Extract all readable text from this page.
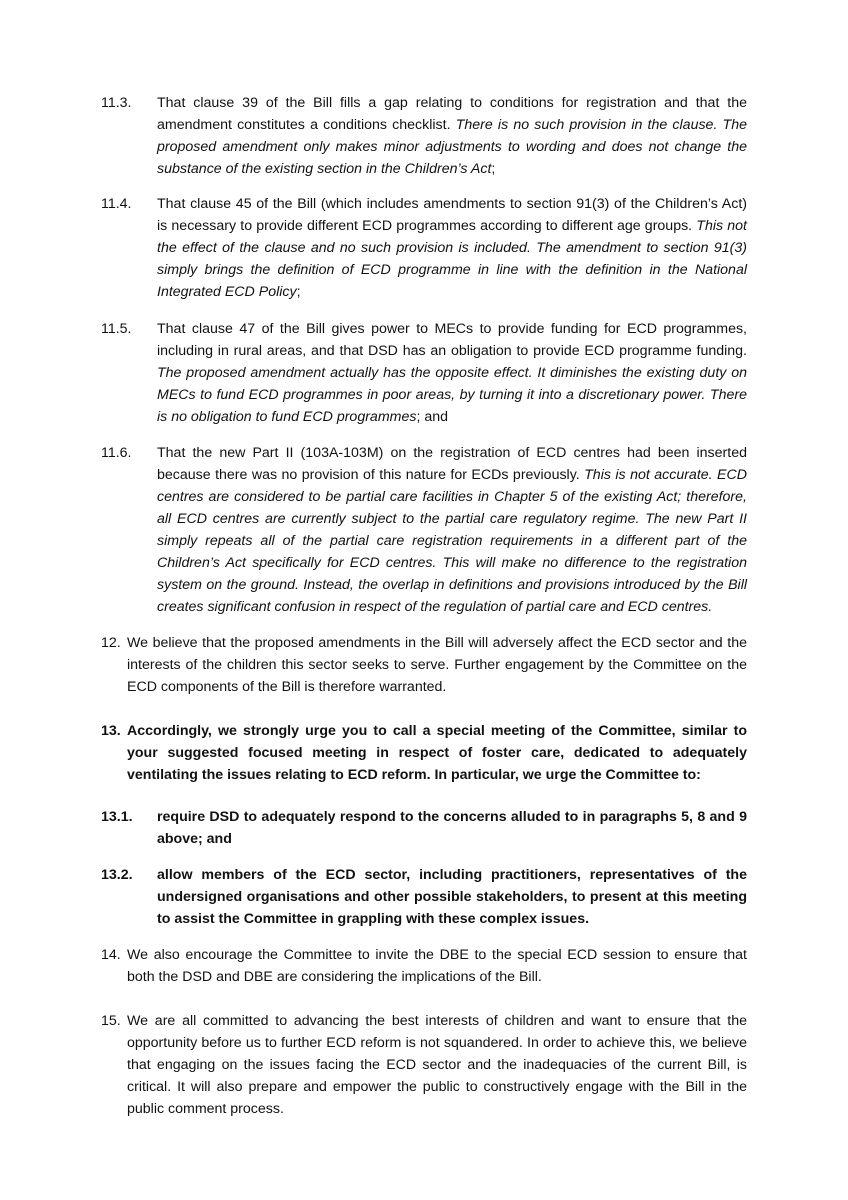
11.3. That clause 39 of the Bill fills a gap relating to conditions for registration and that the amendment constitutes a conditions checklist. There is no such provision in the clause. The proposed amendment only makes minor adjustments to wording and does not change the substance of the existing section in the Children’s Act;
11.4. That clause 45 of the Bill (which includes amendments to section 91(3) of the Children’s Act) is necessary to provide different ECD programmes according to different age groups. This not the effect of the clause and no such provision is included. The amendment to section 91(3) simply brings the definition of ECD programme in line with the definition in the National Integrated ECD Policy;
11.5. That clause 47 of the Bill gives power to MECs to provide funding for ECD programmes, including in rural areas, and that DSD has an obligation to provide ECD programme funding. The proposed amendment actually has the opposite effect. It diminishes the existing duty on MECs to fund ECD programmes in poor areas, by turning it into a discretionary power. There is no obligation to fund ECD programmes; and
11.6. That the new Part II (103A-103M) on the registration of ECD centres had been inserted because there was no provision of this nature for ECDs previously. This is not accurate. ECD centres are considered to be partial care facilities in Chapter 5 of the existing Act; therefore, all ECD centres are currently subject to the partial care regulatory regime. The new Part II simply repeats all of the partial care registration requirements in a different part of the Children’s Act specifically for ECD centres. This will make no difference to the registration system on the ground. Instead, the overlap in definitions and provisions introduced by the Bill creates significant confusion in respect of the regulation of partial care and ECD centres.
12. We believe that the proposed amendments in the Bill will adversely affect the ECD sector and the interests of the children this sector seeks to serve. Further engagement by the Committee on the ECD components of the Bill is therefore warranted.
13. Accordingly, we strongly urge you to call a special meeting of the Committee, similar to your suggested focused meeting in respect of foster care, dedicated to adequately ventilating the issues relating to ECD reform. In particular, we urge the Committee to:
13.1. require DSD to adequately respond to the concerns alluded to in paragraphs 5, 8 and 9 above; and
13.2. allow members of the ECD sector, including practitioners, representatives of the undersigned organisations and other possible stakeholders, to present at this meeting to assist the Committee in grappling with these complex issues.
14. We also encourage the Committee to invite the DBE to the special ECD session to ensure that both the DSD and DBE are considering the implications of the Bill.
15. We are all committed to advancing the best interests of children and want to ensure that the opportunity before us to further ECD reform is not squandered. In order to achieve this, we believe that engaging on the issues facing the ECD sector and the inadequacies of the current Bill, is critical. It will also prepare and empower the public to constructively engage with the Bill in the public comment process.
